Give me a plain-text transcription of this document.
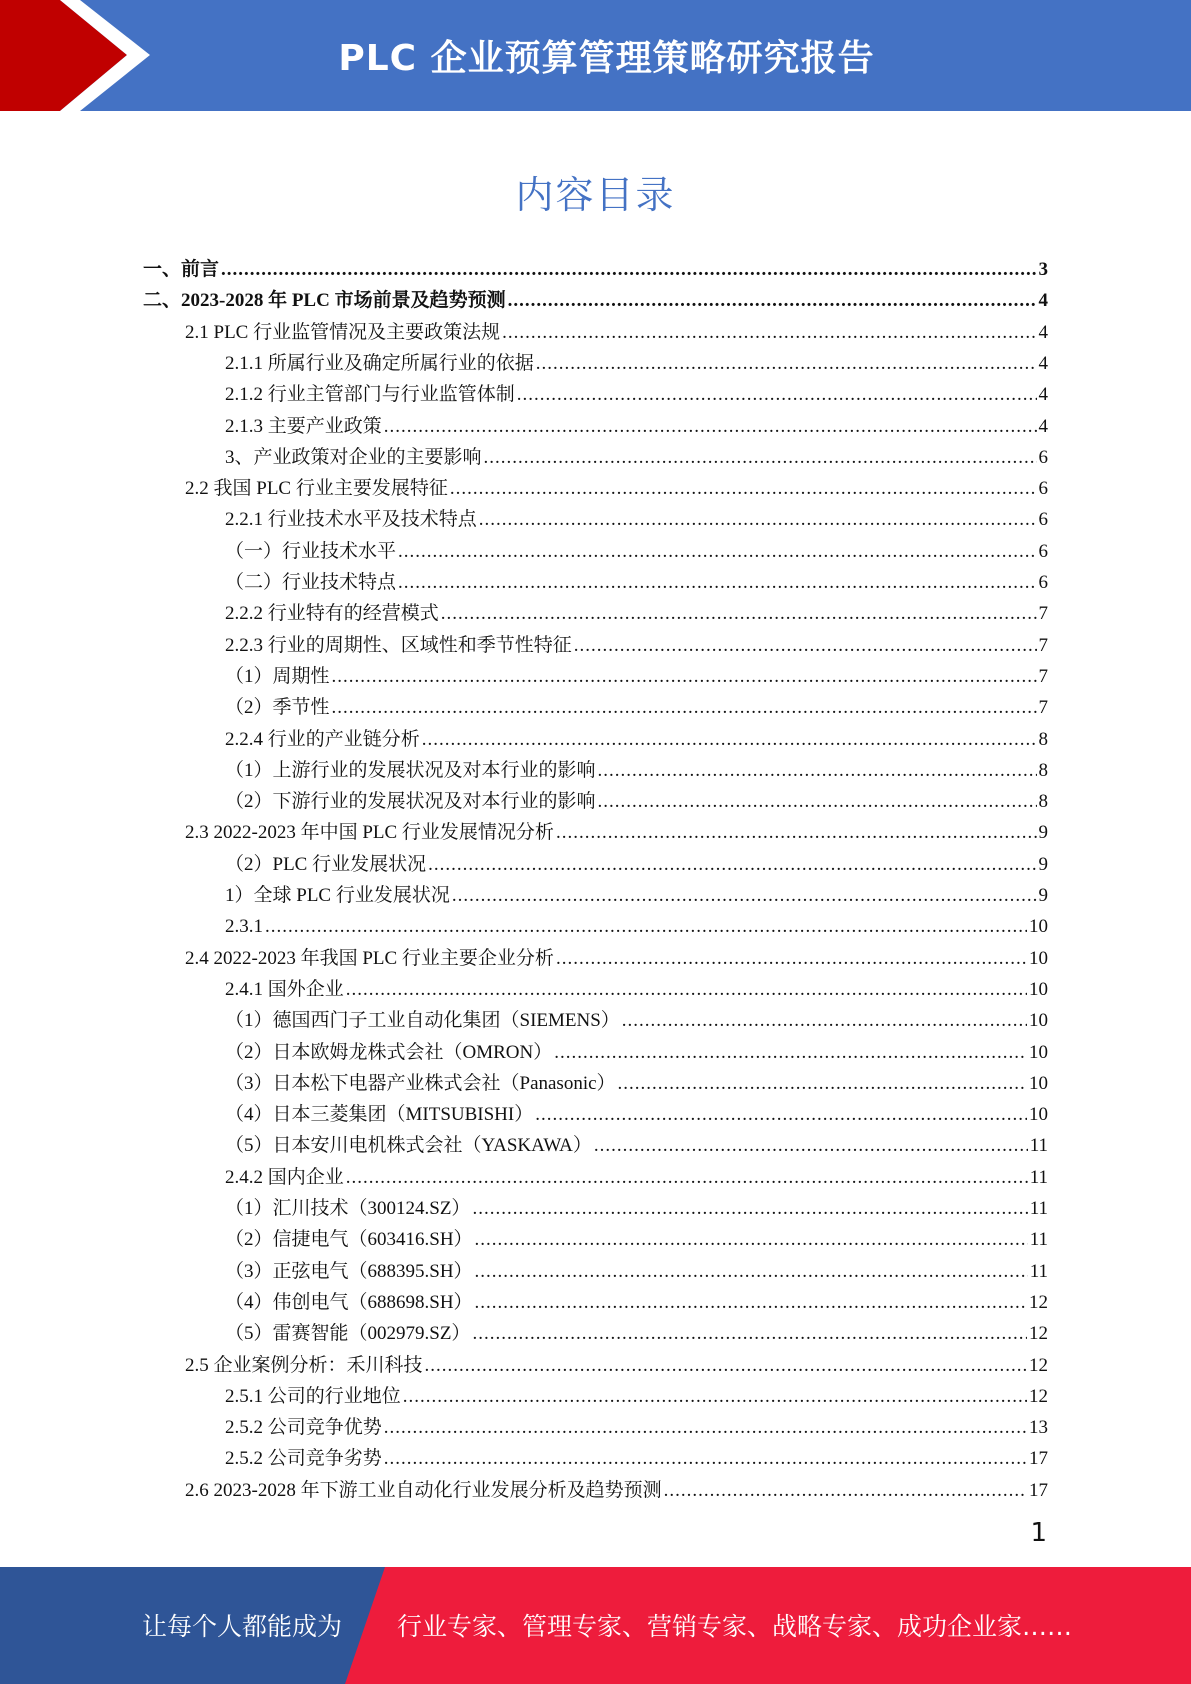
PLC 企业预算管理策略研究报告
内容目录
一、前言 .....	3
二、2023-2028 年 PLC 市场前景及趋势预测 .....	4
2.1 PLC 行业监管情况及主要政策法规 .....	4
2.1.1 所属行业及确定所属行业的依据 .....	4
2.1.2 行业主管部门与行业监管体制 .....	4
2.1.3 主要产业政策 .....	4
3、产业政策对企业的主要影响 .....	6
2.2 我国 PLC 行业主要发展特征 .....	6
2.2.1 行业技术水平及技术特点 .....	6
（一）行业技术水平 .....	6
（二）行业技术特点 .....	6
2.2.2 行业特有的经营模式 .....	7
2.2.3 行业的周期性、区域性和季节性特征 .....	7
（1）周期性 .....	7
（2）季节性 .....	7
2.2.4 行业的产业链分析 .....	8
（1）上游行业的发展状况及对本行业的影响 .....	8
（2）下游行业的发展状况及对本行业的影响 .....	8
2.3 2022-2023 年中国 PLC 行业发展情况分析 .....	9
（2）PLC 行业发展状况 .....	9
1）全球 PLC 行业发展状况 .....	9
2.3.1 .....	10
2.4 2022-2023 年我国 PLC 行业主要企业分析 .....	10
2.4.1 国外企业 .....	10
（1）德国西门子工业自动化集团（SIEMENS） .....	10
（2）日本欧姆龙株式会社（OMRON） .....	10
（3）日本松下电器产业株式会社（Panasonic） .....	10
（4）日本三菱集团（MITSUBISHI） .....	10
（5）日本安川电机株式会社（YASKAWA） .....	11
2.4.2 国内企业 .....	11
（1）汇川技术（300124.SZ） .....	11
（2）信捷电气（603416.SH） .....	11
（3）正弦电气（688395.SH） .....	11
（4）伟创电气（688698.SH） .....	12
（5）雷赛智能（002979.SZ） .....	12
2.5 企业案例分析：禾川科技 .....	12
2.5.1 公司的行业地位 .....	12
2.5.2 公司竞争优势 .....	13
2.5.2 公司竞争劣势 .....	17
2.6 2023-2028 年下游工业自动化行业发展分析及趋势预测 .....	17
1
让每个人都能成为 行业专家、管理专家、营销专家、战略专家、成功企业家……
